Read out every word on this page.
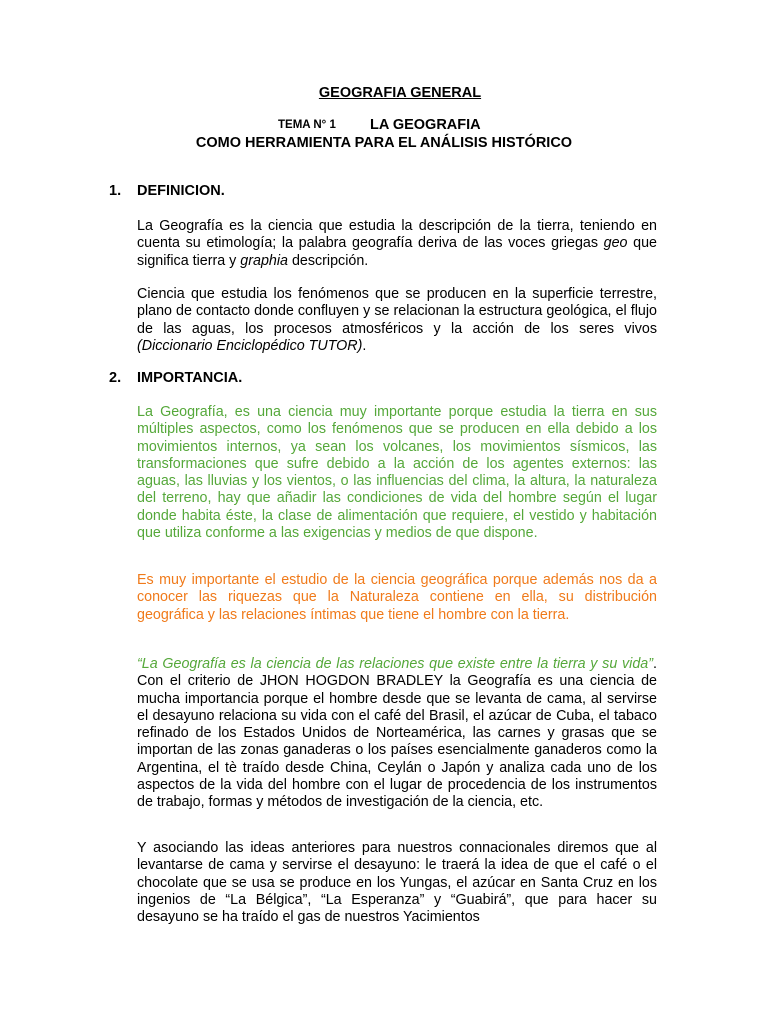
GEOGRAFIA GENERAL

TEMA N° 1 LA GEOGRAFIA

COMO HERRAMIENTA PARA EL ANÁLISIS HISTÓRICO

1. DEFINICION.

La Geografía es la ciencia que estudia la descripción de la tierra, teniendo en cuenta su etimología; la palabra geografía deriva de las voces griegas geo que significa tierra y graphia descripción.

Ciencia que estudia los fenómenos que se producen en la superficie terrestre, plano de contacto donde confluyen y se relacionan la estructura geológica, el flujo de las aguas, los procesos atmosféricos y la acción de los seres vivos (Diccionario Enciclopédico TUTOR).

2. IMPORTANCIA.

La Geografía, es una ciencia muy importante porque estudia la tierra en sus múltiples aspectos, como los fenómenos que se producen en ella debido a los movimientos internos, ya sean los volcanes, los movimientos sísmicos, las transformaciones que sufre debido a la acción de los agentes externos: las aguas, las lluvias y los vientos, o las influencias del clima, la altura, la naturaleza del terreno, hay que añadir las condiciones de vida del hombre según el lugar donde habita éste, la clase de alimentación que requiere, el vestido y habitación que utiliza conforme a las exigencias y medios de que dispone.

Es muy importante el estudio de la ciencia geográfica porque además nos da a conocer las riquezas que la Naturaleza contiene en ella, su distribución geográfica y las relaciones íntimas que tiene el hombre con la tierra.

“La Geografía es la ciencia de las relaciones que existe entre la tierra y su vida”. Con el criterio de JHON HOGDON BRADLEY la Geografía es una ciencia de mucha importancia porque el hombre desde que se levanta de cama, al servirse el desayuno relaciona su vida con el café del Brasil, el azúcar de Cuba, el tabaco refinado de los Estados Unidos de Norteamérica, las carnes y grasas que se importan de las zonas ganaderas o los países esencialmente ganaderos como la Argentina, el tè traído desde China, Ceylán o Japón y analiza cada uno de los aspectos de la vida del hombre con el lugar de procedencia de los instrumentos de trabajo, formas y métodos de investigación de la ciencia, etc.

Y asociando las ideas anteriores para nuestros connacionales diremos que al levantarse de cama y servirse el desayuno: le traerá la idea de que el café o el chocolate que se usa se produce en los Yungas, el azúcar en Santa Cruz en los ingenios de “La Bélgica”, “La Esperanza” y “Guabirá”, que para hacer su desayuno se ha traído el gas de nuestros Yacimientos
